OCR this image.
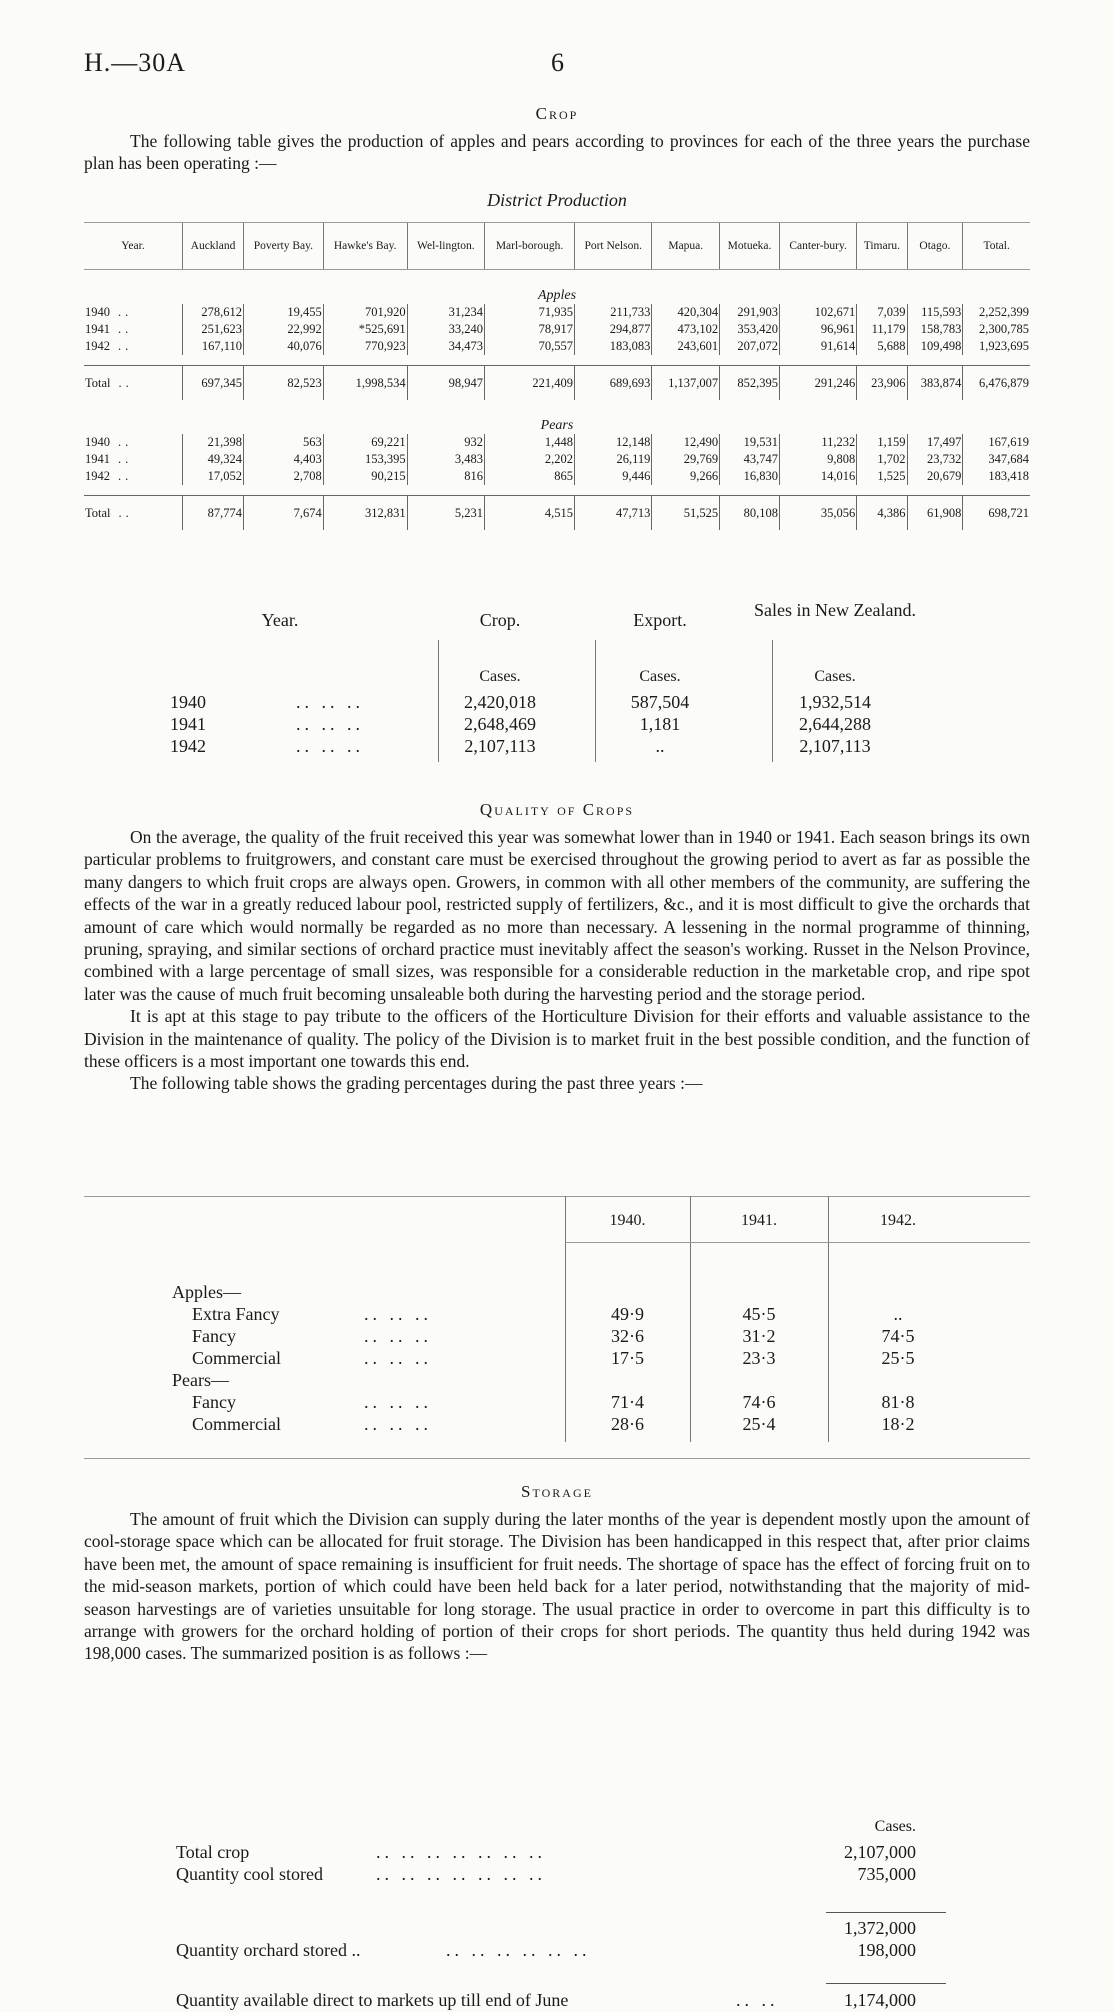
H.—30A	6
Crop

The following table gives the production of apples and pears according to provinces for each of the three years the purchase plan has been operating :—

District Production
Year.	Auckland	Poverty Bay.	Hawke's Bay.	Wel-lington.	Marl-borough.	Port Nelson.	Mapua.	Motueka.	Canter-bury.	Timaru.	Otago.	Total.
Apples												
1940 ..	278,612	19,455	701,920	31,234	71,935	211,733	420,304	291,903	102,671	7,039	115,593	2,252,399
1941 ..	251,623	22,992	*525,691	33,240	78,917	294,877	473,102	353,420	96,961	11,179	158,783	2,300,785
1942 ..	167,110	40,076	770,923	34,473	70,557	183,083	243,601	207,072	91,614	5,688	109,498	1,923,695

Total ..	697,345	82,523	1,998,534	98,947	221,409	689,693	1,137,007	852,395	291,246	23,906	383,874	6,476,879
Pears												
1940 ..	21,398	563	69,221	932	1,448	12,148	12,490	19,531	11,232	1,159	17,497	167,619
1941 ..	49,324	4,403	153,395	3,483	2,202	26,119	29,769	43,747	9,808	1,702	23,732	347,684
1942 ..	17,052	2,708	90,215	816	865	9,446	9,266	16,830	14,016	1,525	20,679	183,418

Total ..	87,774	7,674	312,831	5,231	4,515	47,713	51,525	80,108	35,056	4,386	61,908	698,721
Year.	Crop.	Export.	Sales in New Zealand.
Cases.	Cases.	Cases.
1940	.. .. ..	2,420,018	587,504	1,932,514
1941	.. .. ..	2,648,469	1,181	2,644,288
1942	.. .. ..	2,107,113	..	2,107,113
Quality of Crops

On the average, the quality of the fruit received this year was somewhat lower than in 1940 or 1941. Each season brings its own particular problems to fruitgrowers, and constant care must be exercised throughout the growing period to avert as far as possible the many dangers to which fruit crops are always open. Growers, in common with all other members of the community, are suffering the effects of the war in a greatly reduced labour pool, restricted supply of fertilizers, &c., and it is most difficult to give the orchards that amount of care which would normally be regarded as no more than necessary. A lessening in the normal programme of thinning, pruning, spraying, and similar sections of orchard practice must inevitably affect the season's working. Russet in the Nelson Province, combined with a large percentage of small sizes, was responsible for a considerable reduction in the marketable crop, and ripe spot later was the cause of much fruit becoming unsaleable both during the harvesting period and the storage period.

It is apt at this stage to pay tribute to the officers of the Horticulture Division for their efforts and valuable assistance to the Division in the maintenance of quality. The policy of the Division is to market fruit in the best possible condition, and the function of these officers is a most important one towards this end.

The following table shows the grading percentages during the past three years :—

1940.	1941.	1942.
Apples—
Extra Fancy	.. .. ..	49·9	45·5	..
Fancy	.. .. ..	32·6	31·2	74·5
Commercial	.. .. ..	17·5	23·3	25·5
Pears—
Fancy	.. .. ..	71·4	74·6	81·8
Commercial	.. .. ..	28·6	25·4	18·2
Storage

The amount of fruit which the Division can supply during the later months of the year is dependent mostly upon the amount of cool-storage space which can be allocated for fruit storage. The Division has been handicapped in this respect that, after prior claims have been met, the amount of space remaining is insufficient for fruit needs. The shortage of space has the effect of forcing fruit on to the mid-season markets, portion of which could have been held back for a later period, notwithstanding that the majority of mid-season harvestings are of varieties unsuitable for long storage. The usual practice in order to overcome in part this difficulty is to arrange with growers for the orchard holding of portion of their crops for short periods. The quantity thus held during 1942 was 198,000 cases. The summarized position is as follows :—

Cases.
Total crop	.. .. .. .. .. .. ..	2,107,000
Quantity cool stored	.. .. .. .. .. .. ..	735,000
1,372,000
Quantity orchard stored ..	.. .. .. .. .. ..	198,000
Quantity available direct to markets up till end of June	.. ..	1,174,000
